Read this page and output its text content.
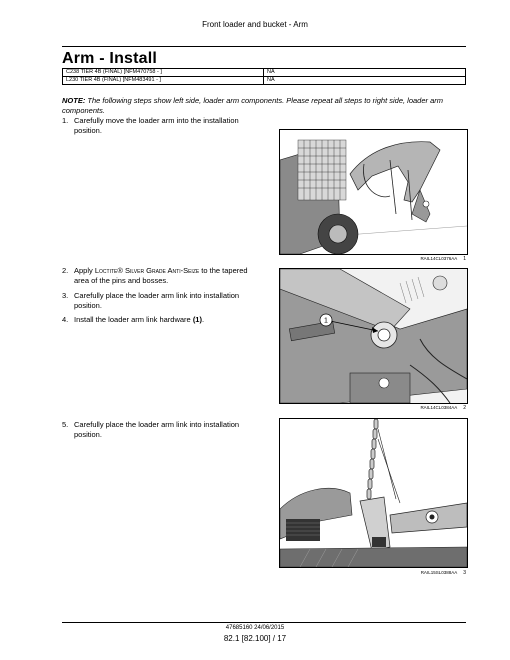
Front loader and bucket - Arm
Arm - Install
C238 TIER 4B (FINAL) [NFM470758 - ]	NA
L230 TIER 4B (FINAL) [NFM483491 - ]	NA
NOTE: The following steps show left side, loader arm components. Please repeat all steps to right side, loader arm components.
1. Carefully move the loader arm into the installation position.
RAIL14CL0376AA 1
2. Apply Loctite® Silver Grade Anti-Seize to the tapered area of the pins and bosses.
3. Carefully place the loader arm link into installation position.
4. Install the loader arm link hardware (1).	1
RAIL14CL0384AA 2
5. Carefully place the loader arm link into installation position.
RAIL15SL0388AA 3
47685160 24/06/2015
82.1 [82.100] / 17
